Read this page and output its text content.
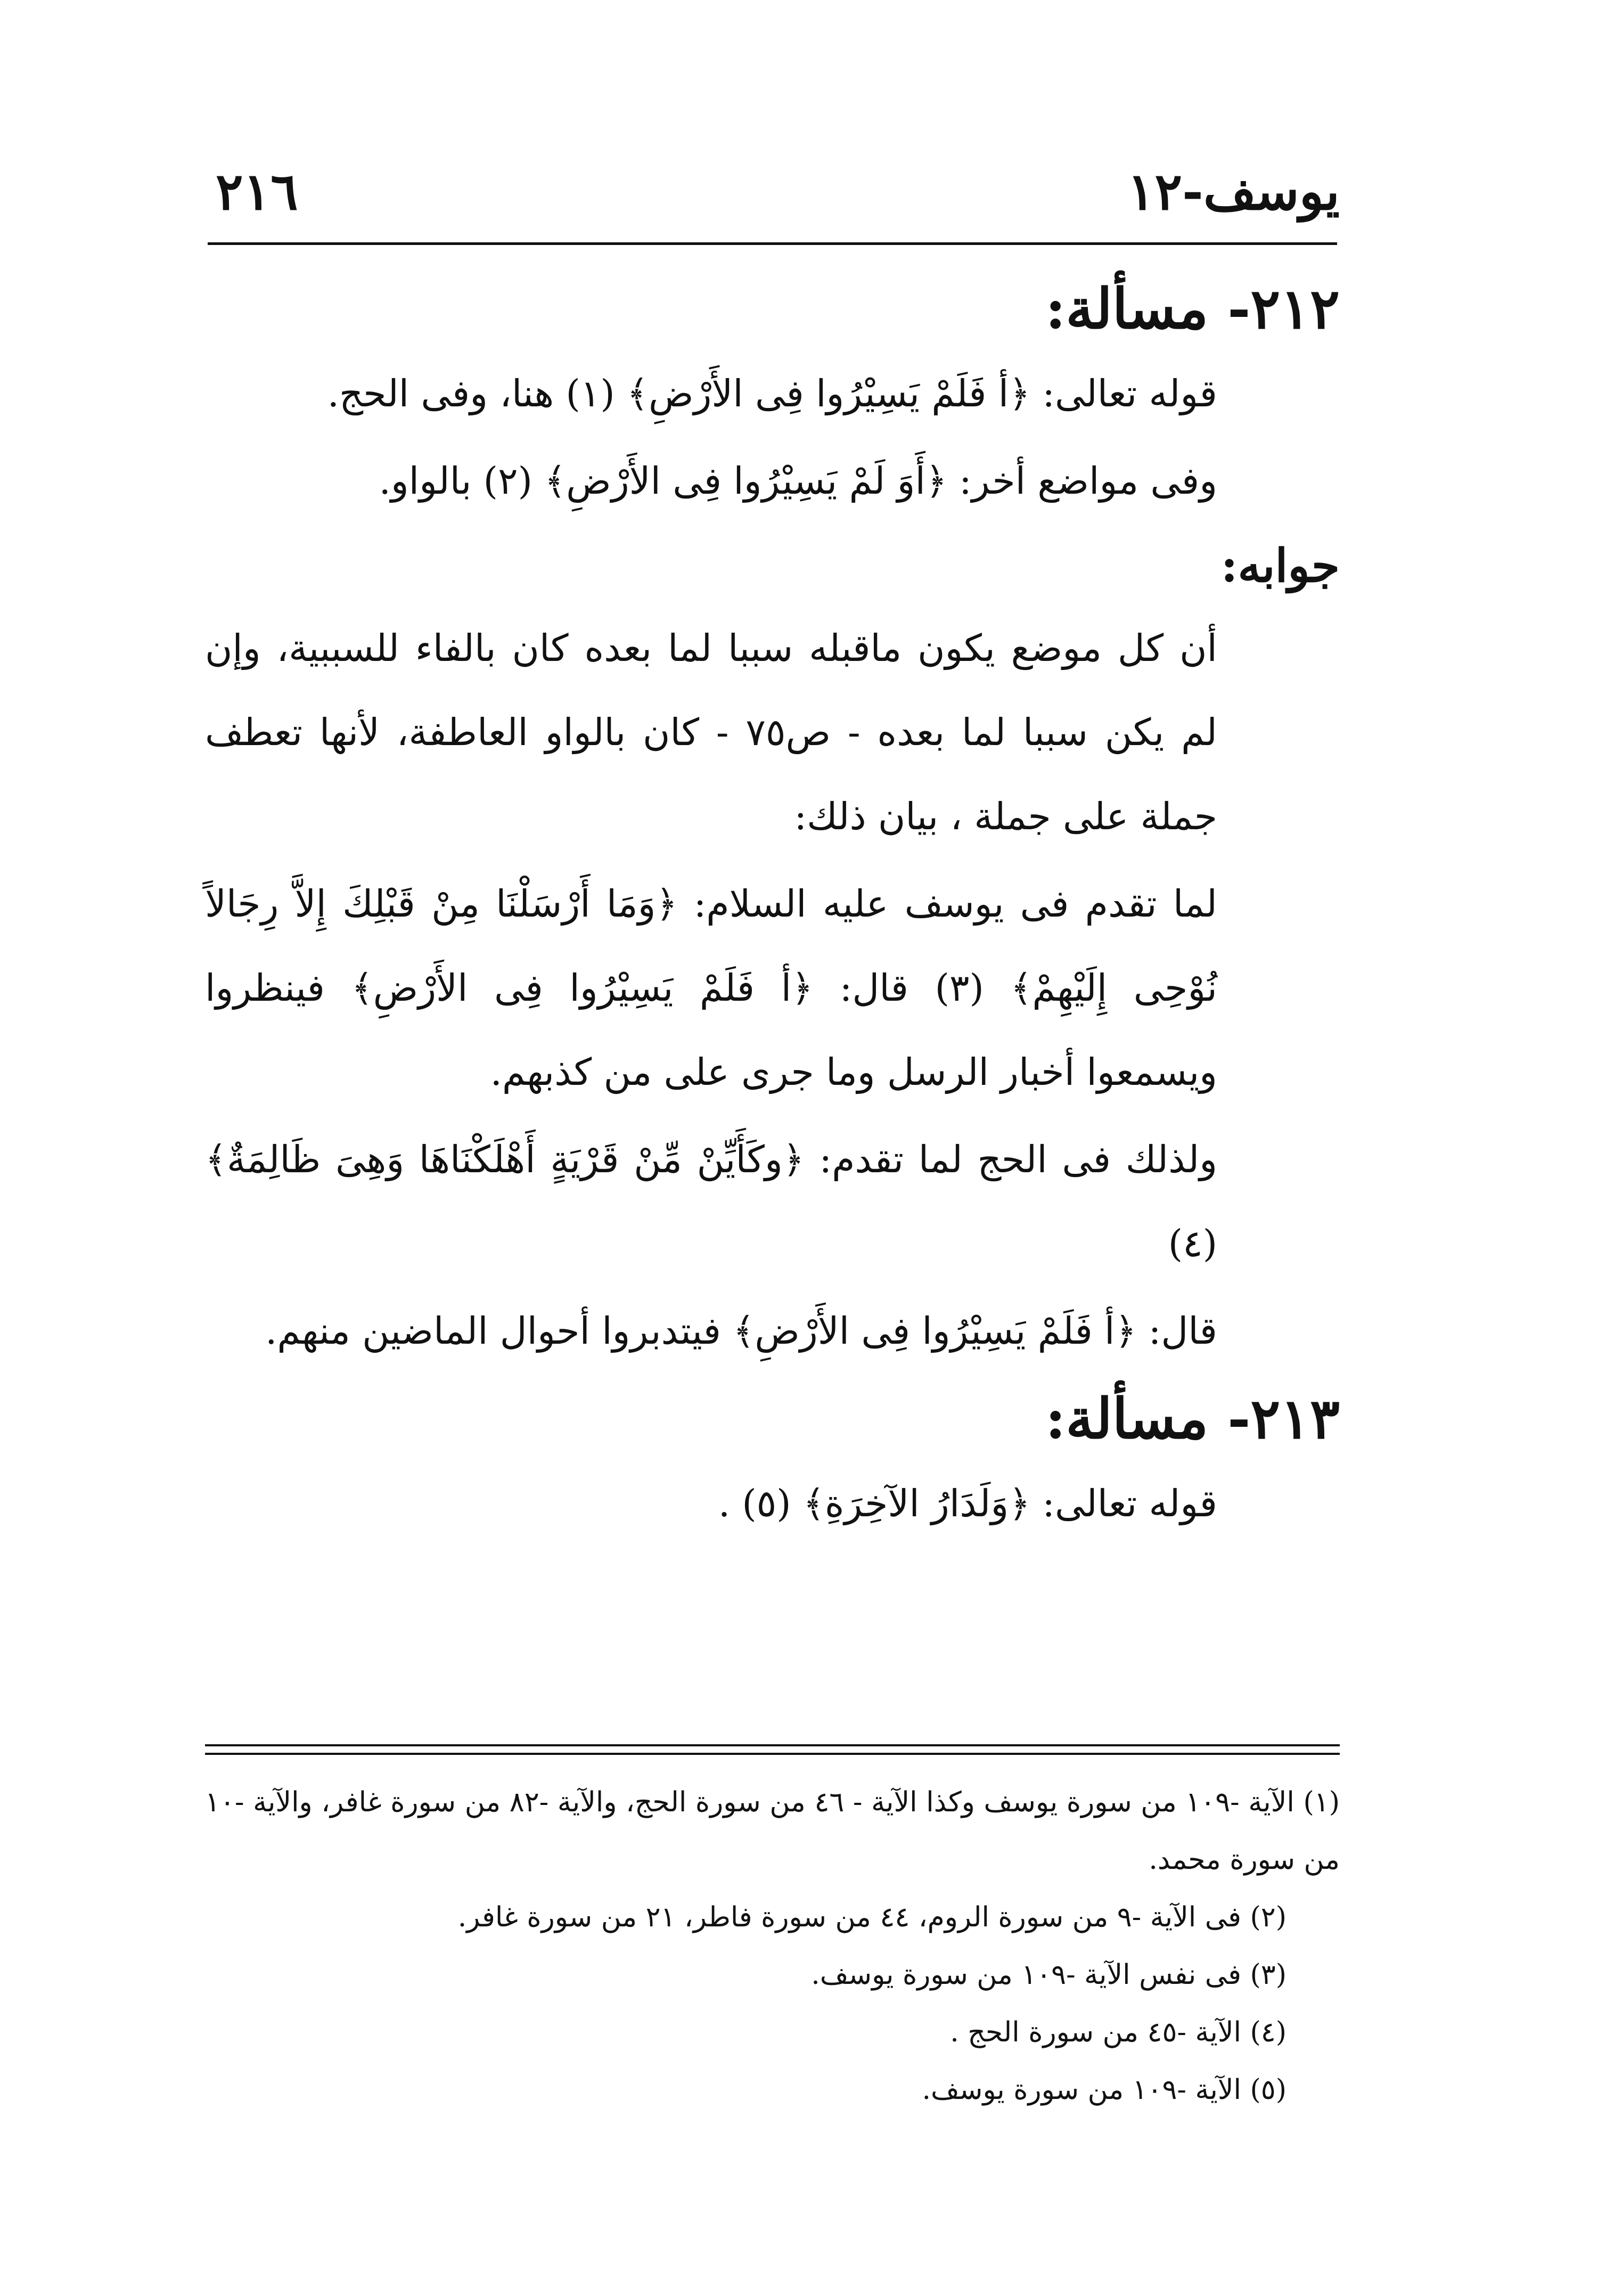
يوسف-١٢
٢١٦
٢١٢- مسألة:

قوله تعالى: ﴿أ فَلَمْ يَسِيْرُوا فِى الأَرْضِ﴾ (١) هنا، وفى الحج.

وفى مواضع أخر: ﴿أَوَ لَمْ يَسِيْرُوا فِى الأَرْضِ﴾ (٢) بالواو.

جوابه:

أن كل موضع يكون ماقبله سببا لما بعده كان بالفاء للسببية، وإن لم يكن سببا لما بعده - ص٧٥ - كان بالواو العاطفة، لأنها تعطف جملة على جملة ، بيان ذلك:

لما تقدم فى يوسف عليه السلام: ﴿وَمَا أَرْسَلْنَا مِنْ قَبْلِكَ إِلاَّ رِجَالاً نُوْحِى إِلَيْهِمْ﴾ (٣) قال: ﴿أ فَلَمْ يَسِيْرُوا فِى الأَرْضِ﴾ فينظروا ويسمعوا أخبار الرسل وما جرى على من كذبهم.

ولذلك فى الحج لما تقدم: ﴿وكَأَيِّنْ مِّنْ قَرْيَةٍ أَهْلَكْنَاهَا وَهِىَ ظَالِمَةٌ﴾ (٤)

قال: ﴿أ فَلَمْ يَسِيْرُوا فِى الأَرْضِ﴾ فيتدبروا أحوال الماضين منهم.

٢١٣- مسألة:

قوله تعالى: ﴿وَلَدَارُ الآخِرَةِ﴾ (٥) .

(١) الآية -١٠٩ من سورة يوسف وكذا الآية - ٤٦ من سورة الحج، والآية -٨٢ من سورة غافر، والآية -١٠ من سورة محمد.

(٢) فى الآية -٩ من سورة الروم، ٤٤ من سورة فاطر، ٢١ من سورة غافر.

(٣) فى نفس الآية -١٠٩ من سورة يوسف.

(٤) الآية -٤٥ من سورة الحج .

(٥) الآية -١٠٩ من سورة يوسف.
